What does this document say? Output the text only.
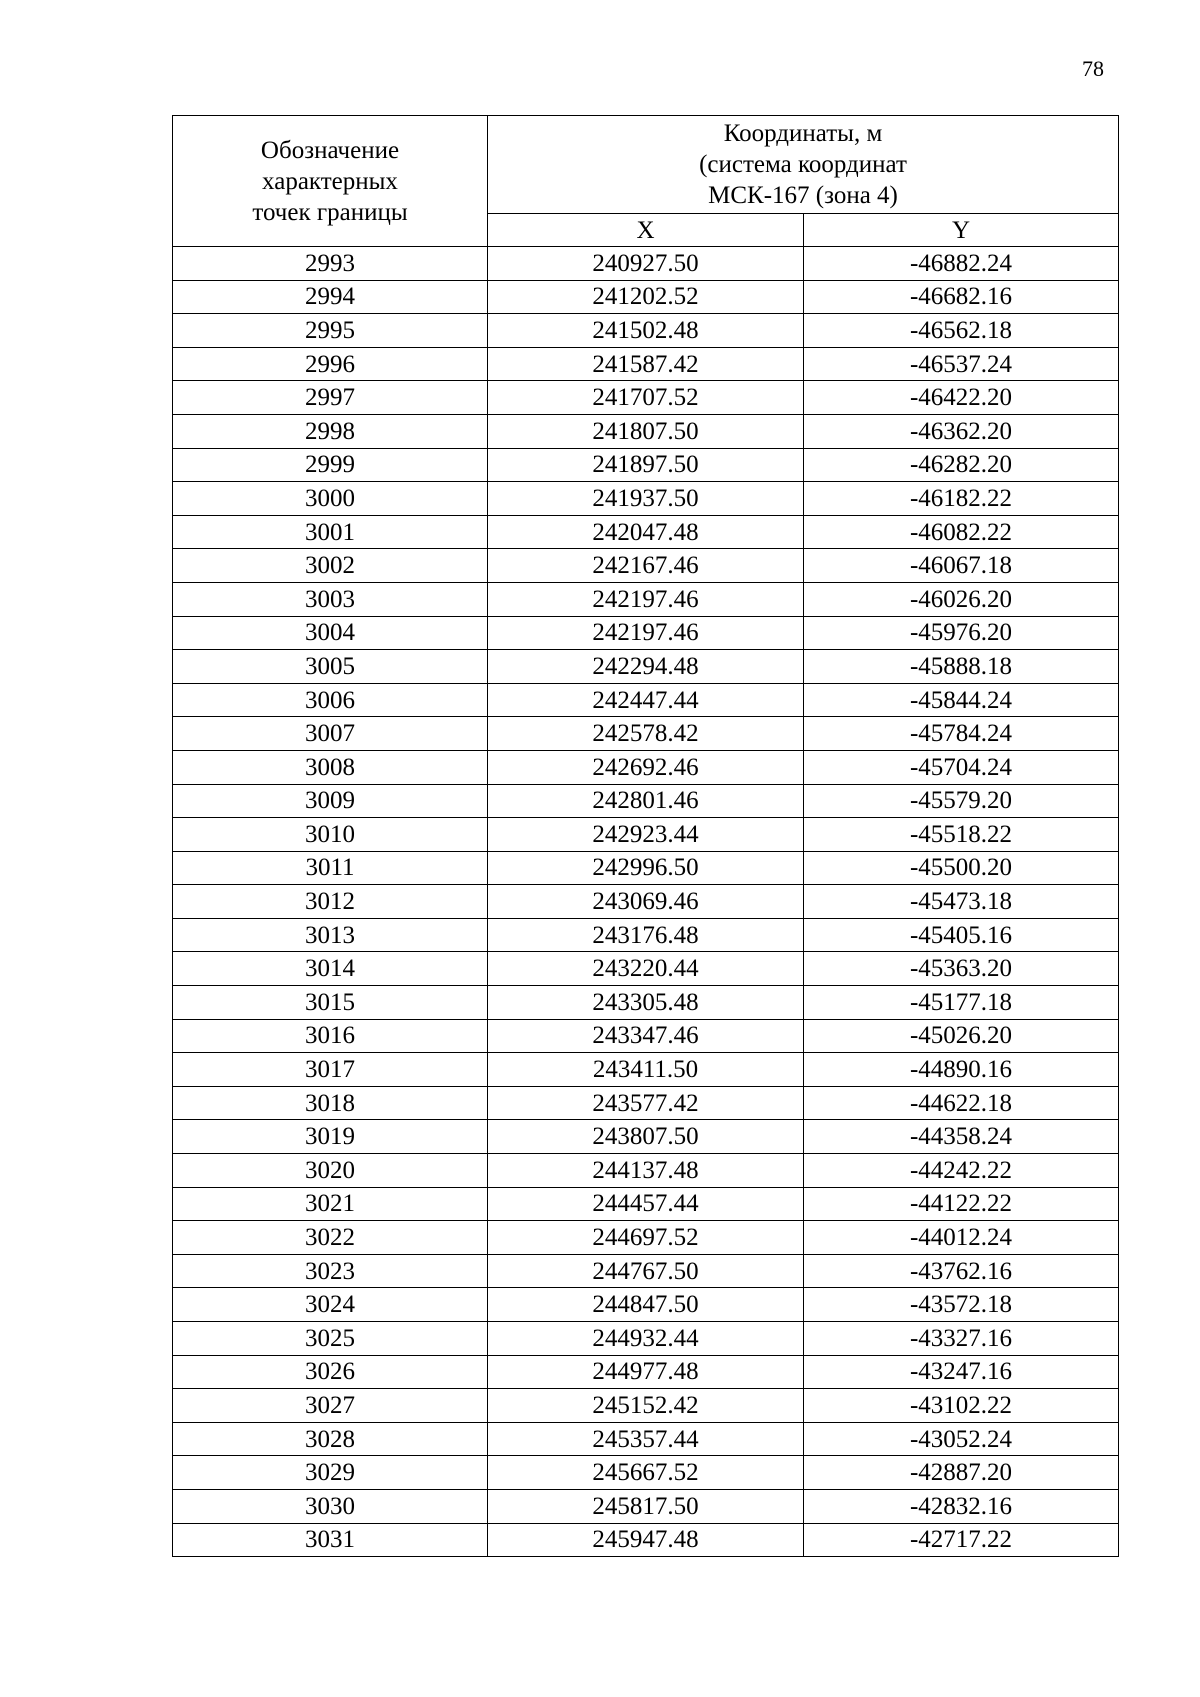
78
Обозначение
характерных
точек границы	Координаты, м
(система координат
МСК-167 (зона 4)	

	X	Y
2993	240927.50	-46882.24
2994	241202.52	-46682.16
2995	241502.48	-46562.18
2996	241587.42	-46537.24
2997	241707.52	-46422.20
2998	241807.50	-46362.20
2999	241897.50	-46282.20
3000	241937.50	-46182.22
3001	242047.48	-46082.22
3002	242167.46	-46067.18
3003	242197.46	-46026.20
3004	242197.46	-45976.20
3005	242294.48	-45888.18
3006	242447.44	-45844.24
3007	242578.42	-45784.24
3008	242692.46	-45704.24
3009	242801.46	-45579.20
3010	242923.44	-45518.22
3011	242996.50	-45500.20
3012	243069.46	-45473.18
3013	243176.48	-45405.16
3014	243220.44	-45363.20
3015	243305.48	-45177.18
3016	243347.46	-45026.20
3017	243411.50	-44890.16
3018	243577.42	-44622.18
3019	243807.50	-44358.24
3020	244137.48	-44242.22
3021	244457.44	-44122.22
3022	244697.52	-44012.24
3023	244767.50	-43762.16
3024	244847.50	-43572.18
3025	244932.44	-43327.16
3026	244977.48	-43247.16
3027	245152.42	-43102.22
3028	245357.44	-43052.24
3029	245667.52	-42887.20
3030	245817.50	-42832.16
3031	245947.48	-42717.22
